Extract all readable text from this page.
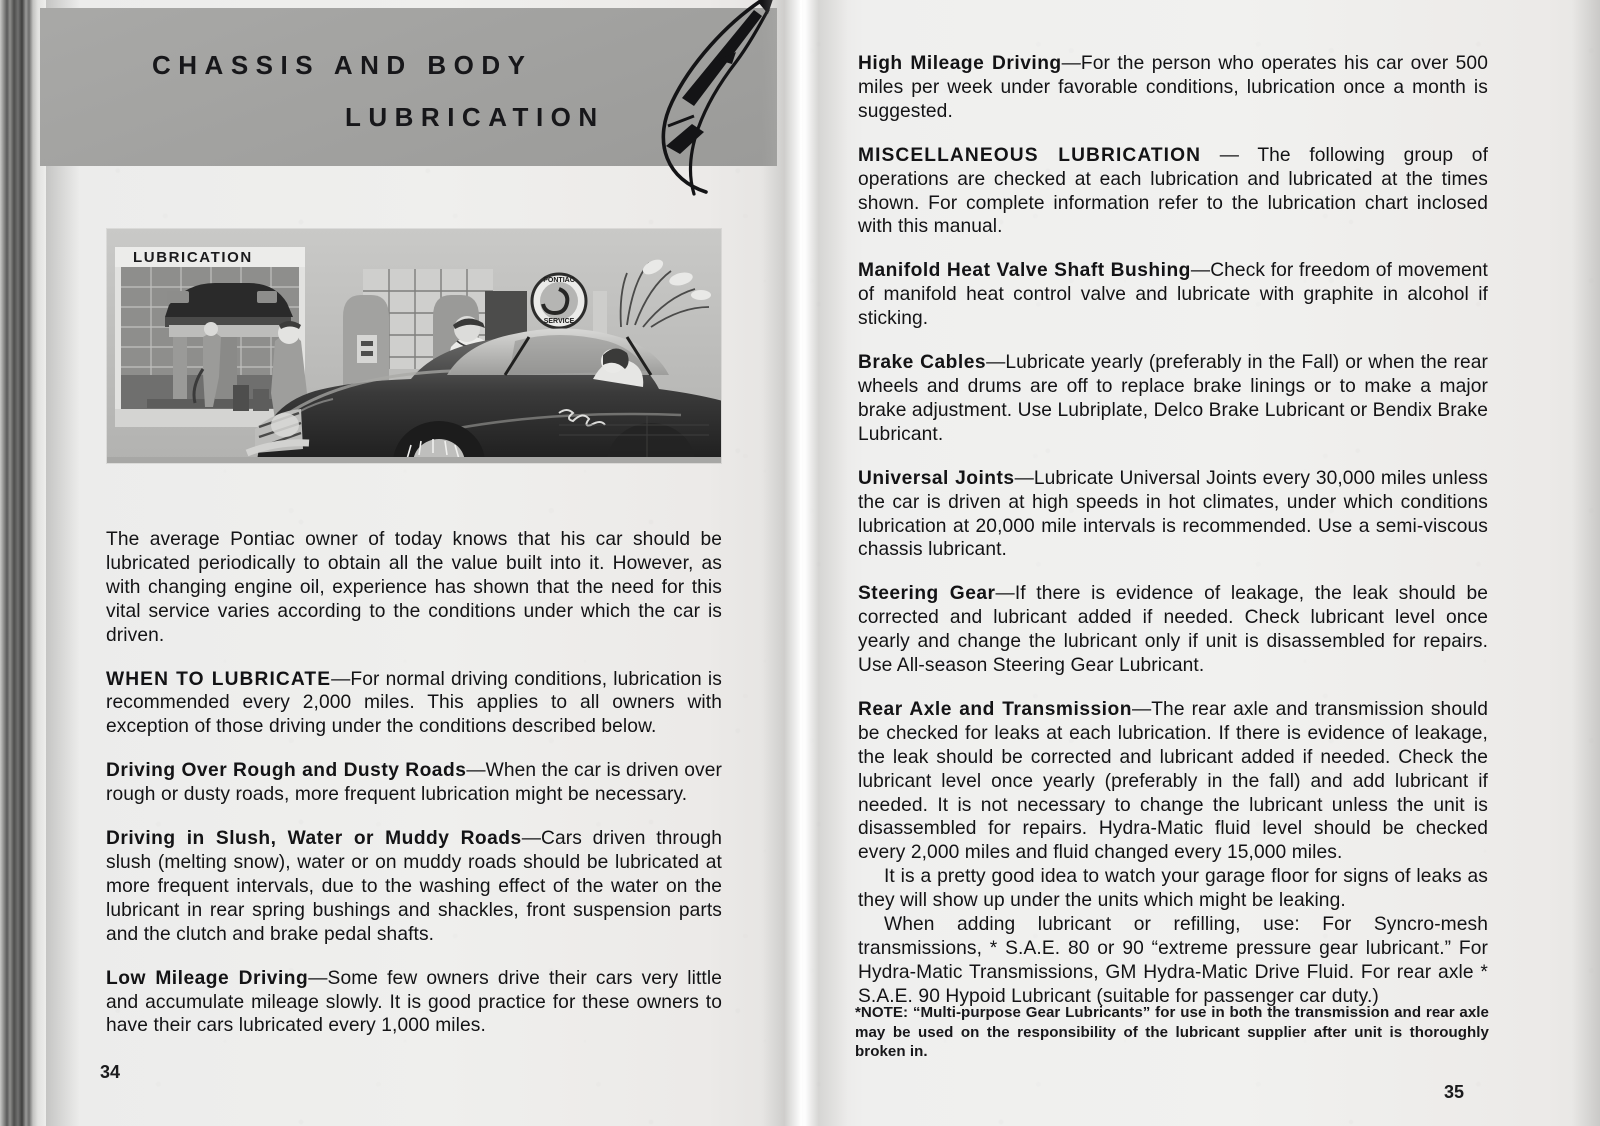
CHASSIS AND BODY
LUBRICATION
LUBRICATION
PONTIAC
SERVICE

The average Pontiac owner of today knows that his car should be lubricated periodically to obtain all the value built into it. However, as with changing engine oil, experience has shown that the need for this vital service varies according to the conditions under which the car is driven.

WHEN TO LUBRICATE—For normal driving conditions, lubrication is recommended every 2,000 miles. This applies to all owners with exception of those driving under the conditions described below.

Driving Over Rough and Dusty Roads—When the car is driven over rough or dusty roads, more frequent lubrication might be necessary.

Driving in Slush, Water or Muddy Roads—Cars driven through slush (melting snow), water or on muddy roads should be lubricated at more frequent intervals, due to the washing effect of the water on the lubricant in rear spring bushings and shackles, front suspension parts and the clutch and brake pedal shafts.

Low Mileage Driving—Some few owners drive their cars very little and accumulate mileage slowly. It is good practice for these owners to have their cars lubricated every 1,000 miles.

34

High Mileage Driving—For the person who operates his car over 500 miles per week under favorable conditions, lubrication once a month is suggested.

MISCELLANEOUS LUBRICATION — The following group of operations are checked at each lubrication and lubricated at the times shown. For complete information refer to the lubrication chart inclosed with this manual.

Manifold Heat Valve Shaft Bushing—Check for freedom of movement of manifold heat control valve and lubricate with graphite in alcohol if sticking.

Brake Cables—Lubricate yearly (preferably in the Fall) or when the rear wheels and drums are off to replace brake linings or to make a major brake adjustment. Use Lubriplate, Delco Brake Lubricant or Bendix Brake Lubricant.

Universal Joints—Lubricate Universal Joints every 30,000 miles unless the car is driven at high speeds in hot climates, under which conditions lubrication at 20,000 mile intervals is recommended. Use a semi-viscous chassis lubricant.

Steering Gear—If there is evidence of leakage, the leak should be corrected and lubricant added if needed. Check lubricant level once yearly and change the lubricant only if unit is disassembled for repairs. Use All-season Steering Gear Lubricant.

Rear Axle and Transmission—The rear axle and transmission should be checked for leaks at each lubrication. If there is evidence of leakage, the leak should be corrected and lubricant added if needed. Check the lubricant level once yearly (preferably in the fall) and add lubricant if needed. It is not necessary to change the lubricant unless the unit is disassembled for repairs. Hydra-Matic fluid level should be checked every 2,000 miles and fluid changed every 15,000 miles.

It is a pretty good idea to watch your garage floor for signs of leaks as they will show up under the units which might be leaking.

When adding lubricant or refilling, use: For Syncro-mesh transmissions, * S.A.E. 80 or 90 “extreme pressure gear lubricant.” For Hydra-Matic Transmissions, GM Hydra-Matic Drive Fluid. For rear axle * S.A.E. 90 Hypoid Lubricant (suitable for passenger car duty.)

*NOTE: “Multi-purpose Gear Lubricants” for use in both the transmission and rear axle may be used on the responsibility of the lubricant supplier after unit is thoroughly broken in.
35
